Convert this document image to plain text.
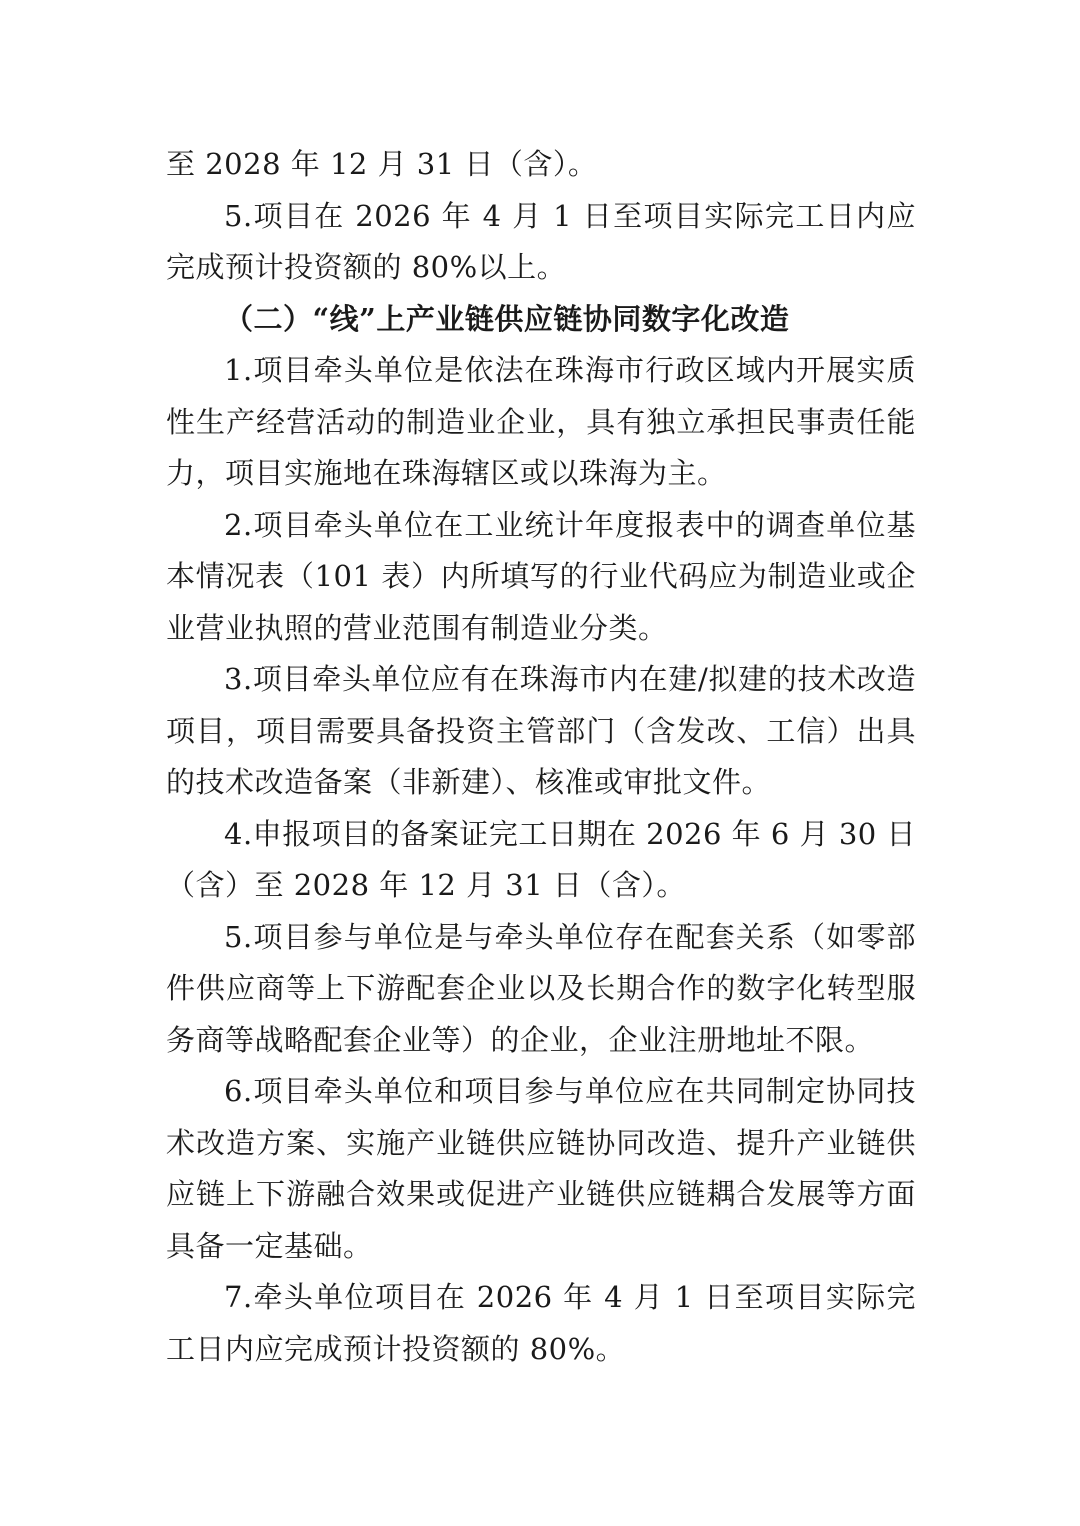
至 2028 年 12 月 31 日（含）。

5.项目在 2026 年 4 月 1 日至项目实际完工日内应完成预计投资额的 80%以上。

（二）“线”上产业链供应链协同数字化改造

1.项目牵头单位是依法在珠海市行政区域内开展实质性生产经营活动的制造业企业，具有独立承担民事责任能力，项目实施地在珠海辖区或以珠海为主。

2.项目牵头单位在工业统计年度报表中的调查单位基本情况表（101 表）内所填写的行业代码应为制造业或企业营业执照的营业范围有制造业分类。

3.项目牵头单位应有在珠海市内在建/拟建的技术改造项目，项目需要具备投资主管部门（含发改、工信）出具的技术改造备案（非新建）、核准或审批文件。

4.申报项目的备案证完工日期在 2026 年 6 月 30 日（含）至 2028 年 12 月 31 日（含）。

5.项目参与单位是与牵头单位存在配套关系（如零部件供应商等上下游配套企业以及长期合作的数字化转型服务商等战略配套企业等）的企业，企业注册地址不限。

6.项目牵头单位和项目参与单位应在共同制定协同技术改造方案、实施产业链供应链协同改造、提升产业链供应链上下游融合效果或促进产业链供应链耦合发展等方面具备一定基础。

7.牵头单位项目在 2026 年 4 月 1 日至项目实际完工日内应完成预计投资额的 80%。
